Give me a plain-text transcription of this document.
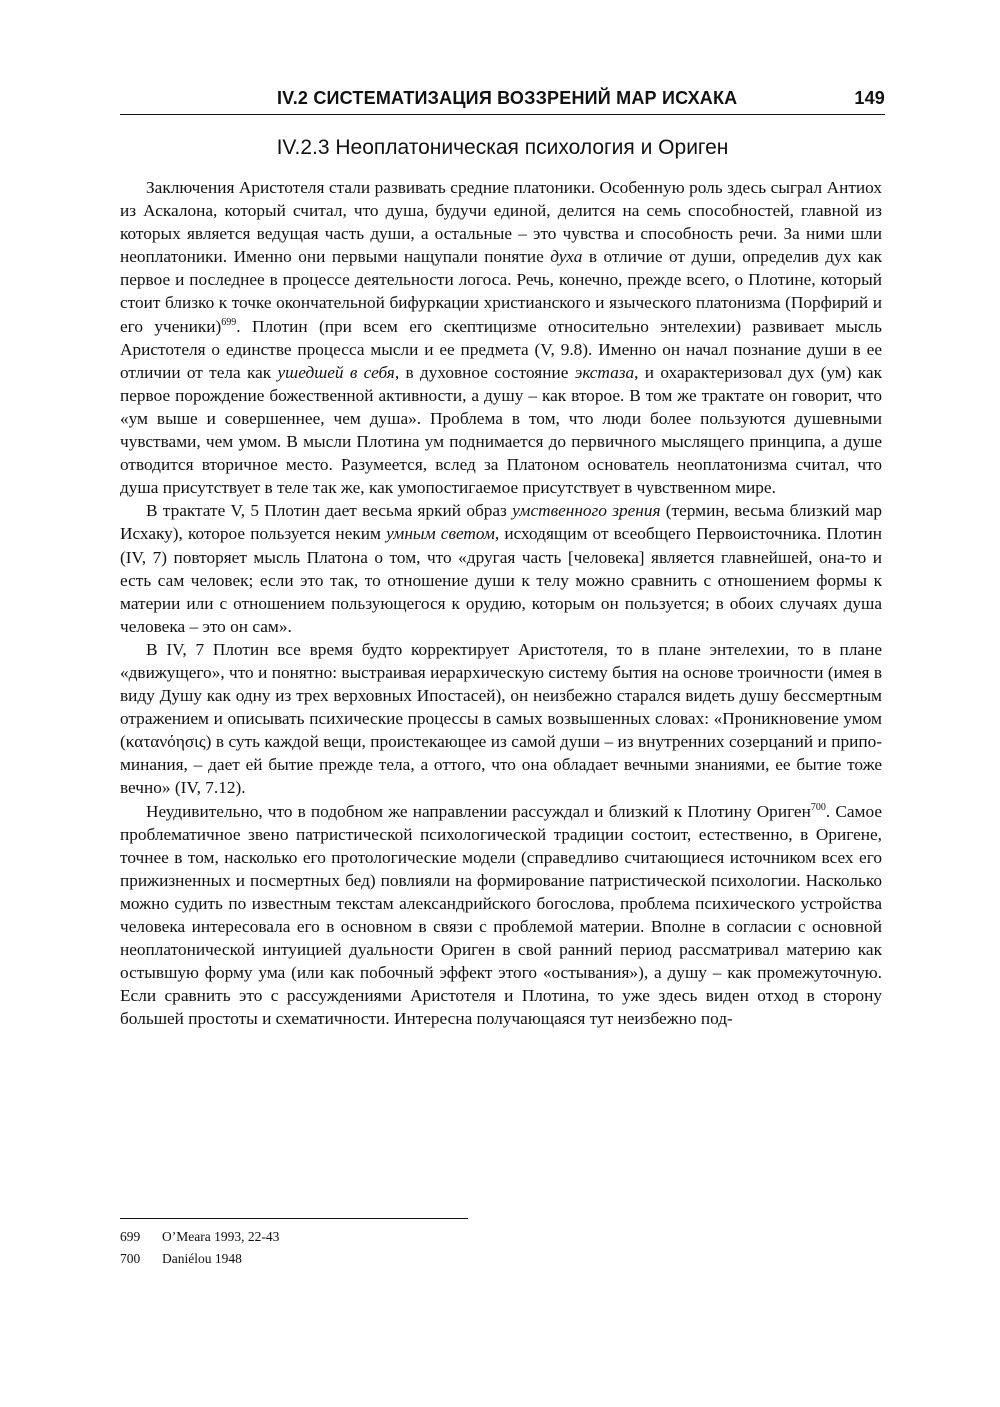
IV.2 СИСТЕМАТИЗАЦИЯ ВОЗЗРЕНИЙ МАР ИСХАКА	149
IV.2.3 Неоплатоническая психология и Ориген

Заключения Аристотеля стали развивать средние платоники. Особенную роль здесь сыграл Антиох из Аскалона, который считал, что душа, будучи единой, делится на семь способностей, главной из которых является ведущая часть души, а остальные – это чувства и способность речи. За ними шли неоплатоники. Именно они первыми нащупали понятие духа в отличие от души, определив дух как первое и последнее в процессе деятельности логоса. Речь, конечно, прежде всего, о Плотине, который стоит близко к точке окончательной бифуркации христианского и языческого платонизма (Порфирий и его ученики)$^{699}$. Плотин (при всем его скептицизме относительно энтелехии) развивает мысль Аристотеля о единстве процесса мысли и ее предмета (V, 9.8). Именно он начал познание души в ее отличии от тела как ушедшей в себя, в духовное состояние экстаза, и охарактеризовал дух (ум) как первое порождение божественной активности, а душу – как второе. В том же трактате он говорит, что «ум выше и совершеннее, чем душа». Проблема в том, что люди более пользуются душевными чувствами, чем умом. В мысли Плотина ум поднимается до первичного мыслящего принципа, а душе отводится вторичное место. Разумеется, вслед за Платоном основатель неоплатонизма считал, что душа присутствует в теле так же, как умопостигаемое присутствует в чувственном мире.

В трактате V, 5 Плотин дает весьма яркий образ умственного зрения (термин, весьма близкий мар Исхаку), которое пользуется неким умным светом, исходящим от всеобщего Первоисточника. Плотин (IV, 7) повторяет мысль Платона о том, что «другая часть [человека] является главнейшей, она-то и есть сам человек; если это так, то отношение души к телу можно сравнить с отношением формы к материи или с отношением пользующегося к орудию, которым он пользуется; в обоих случаях душа человека – это он сам».

В IV, 7 Плотин все время будто корректирует Аристотеля, то в плане энтелехии, то в плане «движущего», что и понятно: выстраивая иерархическую систему бытия на основе троичности (имея в виду Душу как одну из трех верховных Ипостасей), он неизбежно старался видеть душу бессмертным отражением и описывать психические процессы в самых возвышенных словах: «Проникновение умом (κατανόησις) в суть каждой вещи, проистекающее из самой души – из внутренних созерцаний и припоминания, – дает ей бытие прежде тела, а оттого, что она обладает вечными знаниями, ее бытие тоже вечно» (IV, 7.12).

Неудивительно, что в подобном же направлении рассуждал и близкий к Плотину Ориген$^{700}$. Самое проблематичное звено патристической психологической традиции состоит, естественно, в Оригене, точнее в том, насколько его протологические модели (справедливо считающиеся источником всех его прижизненных и посмертных бед) повлияли на формирование патристической психологии. Насколько можно судить по известным текстам александрийского богослова, проблема психического устройства человека интересовала его в основном в связи с проблемой материи. Вполне в согласии с основной неоплатонической интуицией дуальности Ориген в свой ранний период рассматривал материю как остывшую форму ума (или как побочный эффект этого «остывания»), а душу – как промежуточную. Если сравнить это с рассуждениями Аристотеля и Плотина, то уже здесь виден отход в сторону большей простоты и схематичности. Интересна получающаяся тут неизбежно под-

699 O’Meara 1993, 22-43
700 Daniélou 1948
